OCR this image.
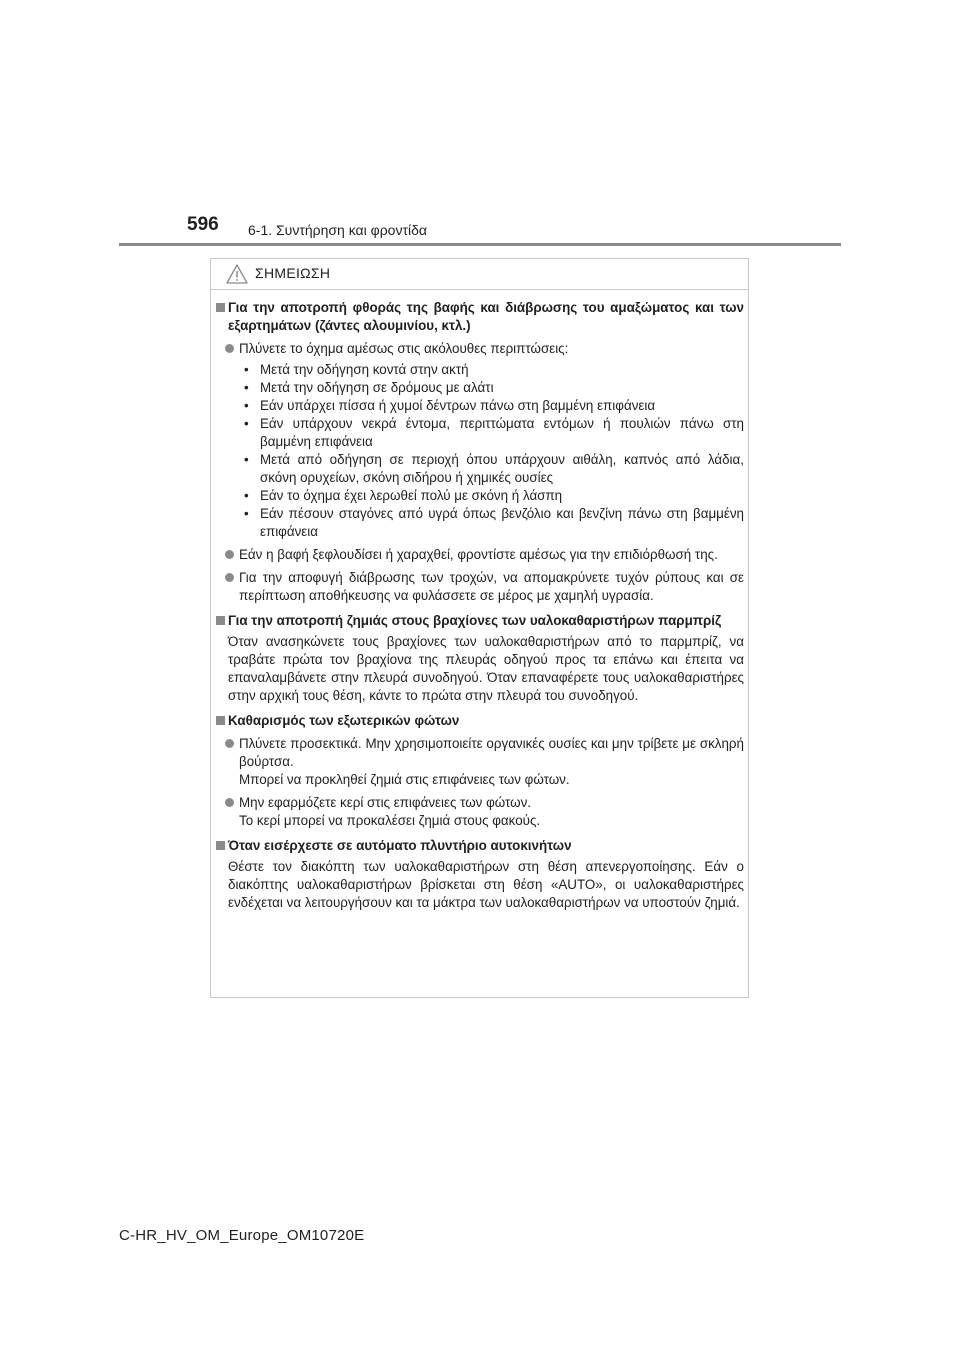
596 6-1. Συντήρηση και φροντίδα
ΣΗΜΕΙΩΣΗ
Για την αποτροπή φθοράς της βαφής και διάβρωσης του αμαξώματος και των εξαρτημάτων (ζάντες αλουμινίου, κτλ.)
Πλύνετε το όχημα αμέσως στις ακόλουθες περιπτώσεις:
• Μετά την οδήγηση κοντά στην ακτή
• Μετά την οδήγηση σε δρόμους με αλάτι
• Εάν υπάρχει πίσσα ή χυμοί δέντρων πάνω στη βαμμένη επιφάνεια
• Εάν υπάρχουν νεκρά έντομα, περιττώματα εντόμων ή πουλιών πάνω στη βαμμένη επιφάνεια
• Μετά από οδήγηση σε περιοχή όπου υπάρχουν αιθάλη, καπνός από λάδια, σκόνη ορυχείων, σκόνη σιδήρου ή χημικές ουσίες
• Εάν το όχημα έχει λερωθεί πολύ με σκόνη ή λάσπη
• Εάν πέσουν σταγόνες από υγρά όπως βενζόλιο και βενζίνη πάνω στη βαμμένη επιφάνεια
Εάν η βαφή ξεφλουδίσει ή χαραχθεί, φροντίστε αμέσως για την επιδιόρθωσή της.
Για την αποφυγή διάβρωσης των τροχών, να απομακρύνετε τυχόν ρύπους και σε περίπτωση αποθήκευσης να φυλάσσετε σε μέρος με χαμηλή υγρασία.
Για την αποτροπή ζημιάς στους βραχίονες των υαλοκαθαριστήρων παρμπρίζ
Όταν ανασηκώνετε τους βραχίονες των υαλοκαθαριστήρων από το παρμπρίζ, να τραβάτε πρώτα τον βραχίονα της πλευράς οδηγού προς τα επάνω και έπειτα να επαναλαμβάνετε στην πλευρά συνοδηγού. Όταν επαναφέρετε τους υαλοκαθαριστήρες στην αρχική τους θέση, κάντε το πρώτα στην πλευρά του συνοδηγού.
Καθαρισμός των εξωτερικών φώτων
Πλύνετε προσεκτικά. Μην χρησιμοποιείτε οργανικές ουσίες και μην τρίβετε με σκληρή βούρτσα.
Μπορεί να προκληθεί ζημιά στις επιφάνειες των φώτων.
Μην εφαρμόζετε κερί στις επιφάνειες των φώτων.
Το κερί μπορεί να προκαλέσει ζημιά στους φακούς.
Όταν εισέρχεστε σε αυτόματο πλυντήριο αυτοκινήτων
Θέστε τον διακόπτη των υαλοκαθαριστήρων στη θέση απενεργοποίησης. Εάν ο διακόπτης υαλοκαθαριστήρων βρίσκεται στη θέση «AUTO», οι υαλοκαθαριστήρες ενδέχεται να λειτουργήσουν και τα μάκτρα των υαλοκαθαριστήρων να υποστούν ζημιά.
C-HR_HV_OM_Europe_OM10720E
